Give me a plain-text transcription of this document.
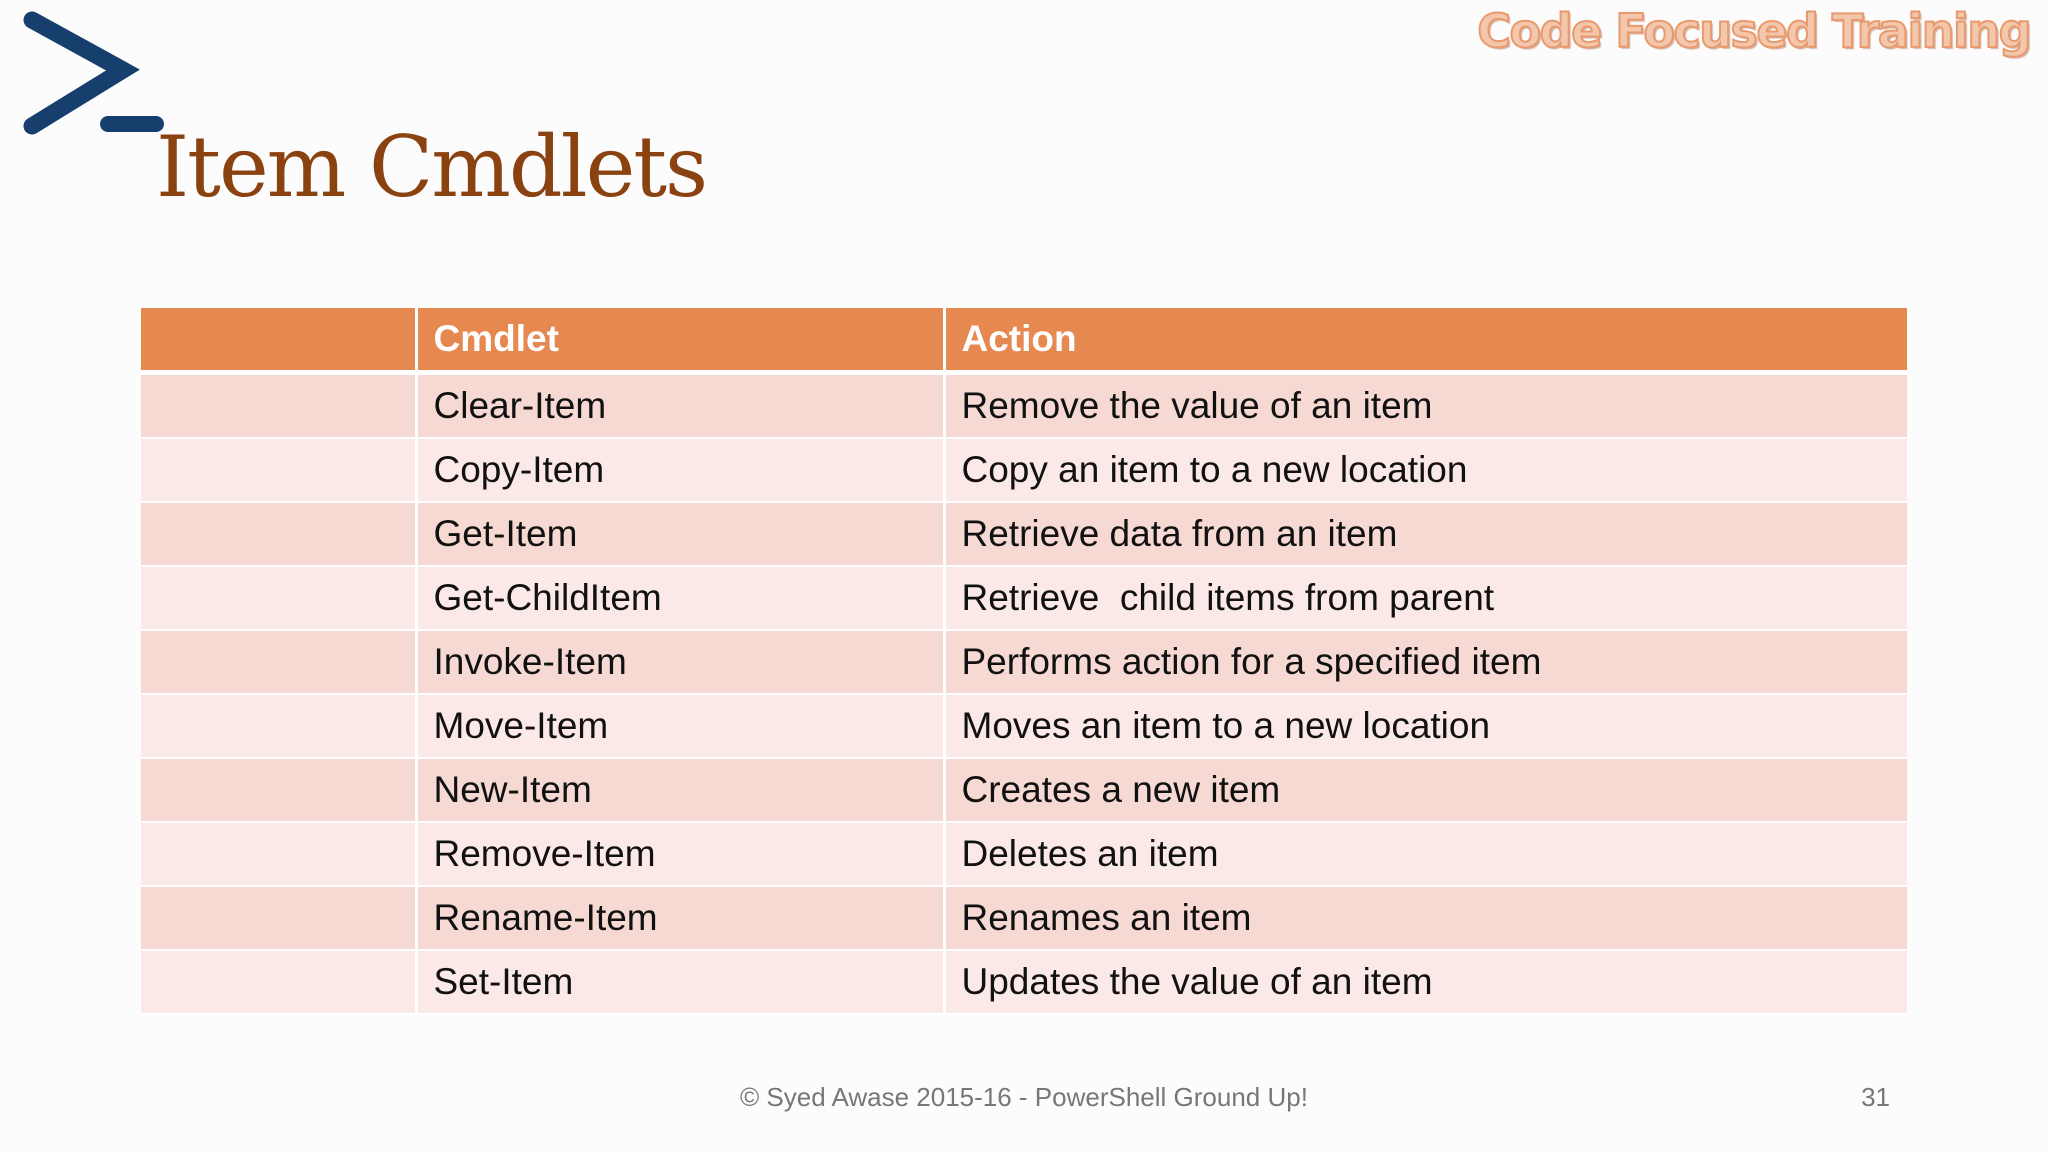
Code Focused Training
Item Cmdlets
	Cmdlet	Action
	Clear-Item	Remove the value of an item
	Copy-Item	Copy an item to a new location
	Get-Item	Retrieve data from an item
	Get-ChildItem	Retrieve  child items from parent
	Invoke-Item	Performs action for a specified item
	Move-Item	Moves an item to a new location
	New-Item	Creates a new item
	Remove-Item	Deletes an item
	Rename-Item	Renames an item
	Set-Item	Updates the value of an item
© Syed Awase 2015-16 - PowerShell Ground Up!	31
